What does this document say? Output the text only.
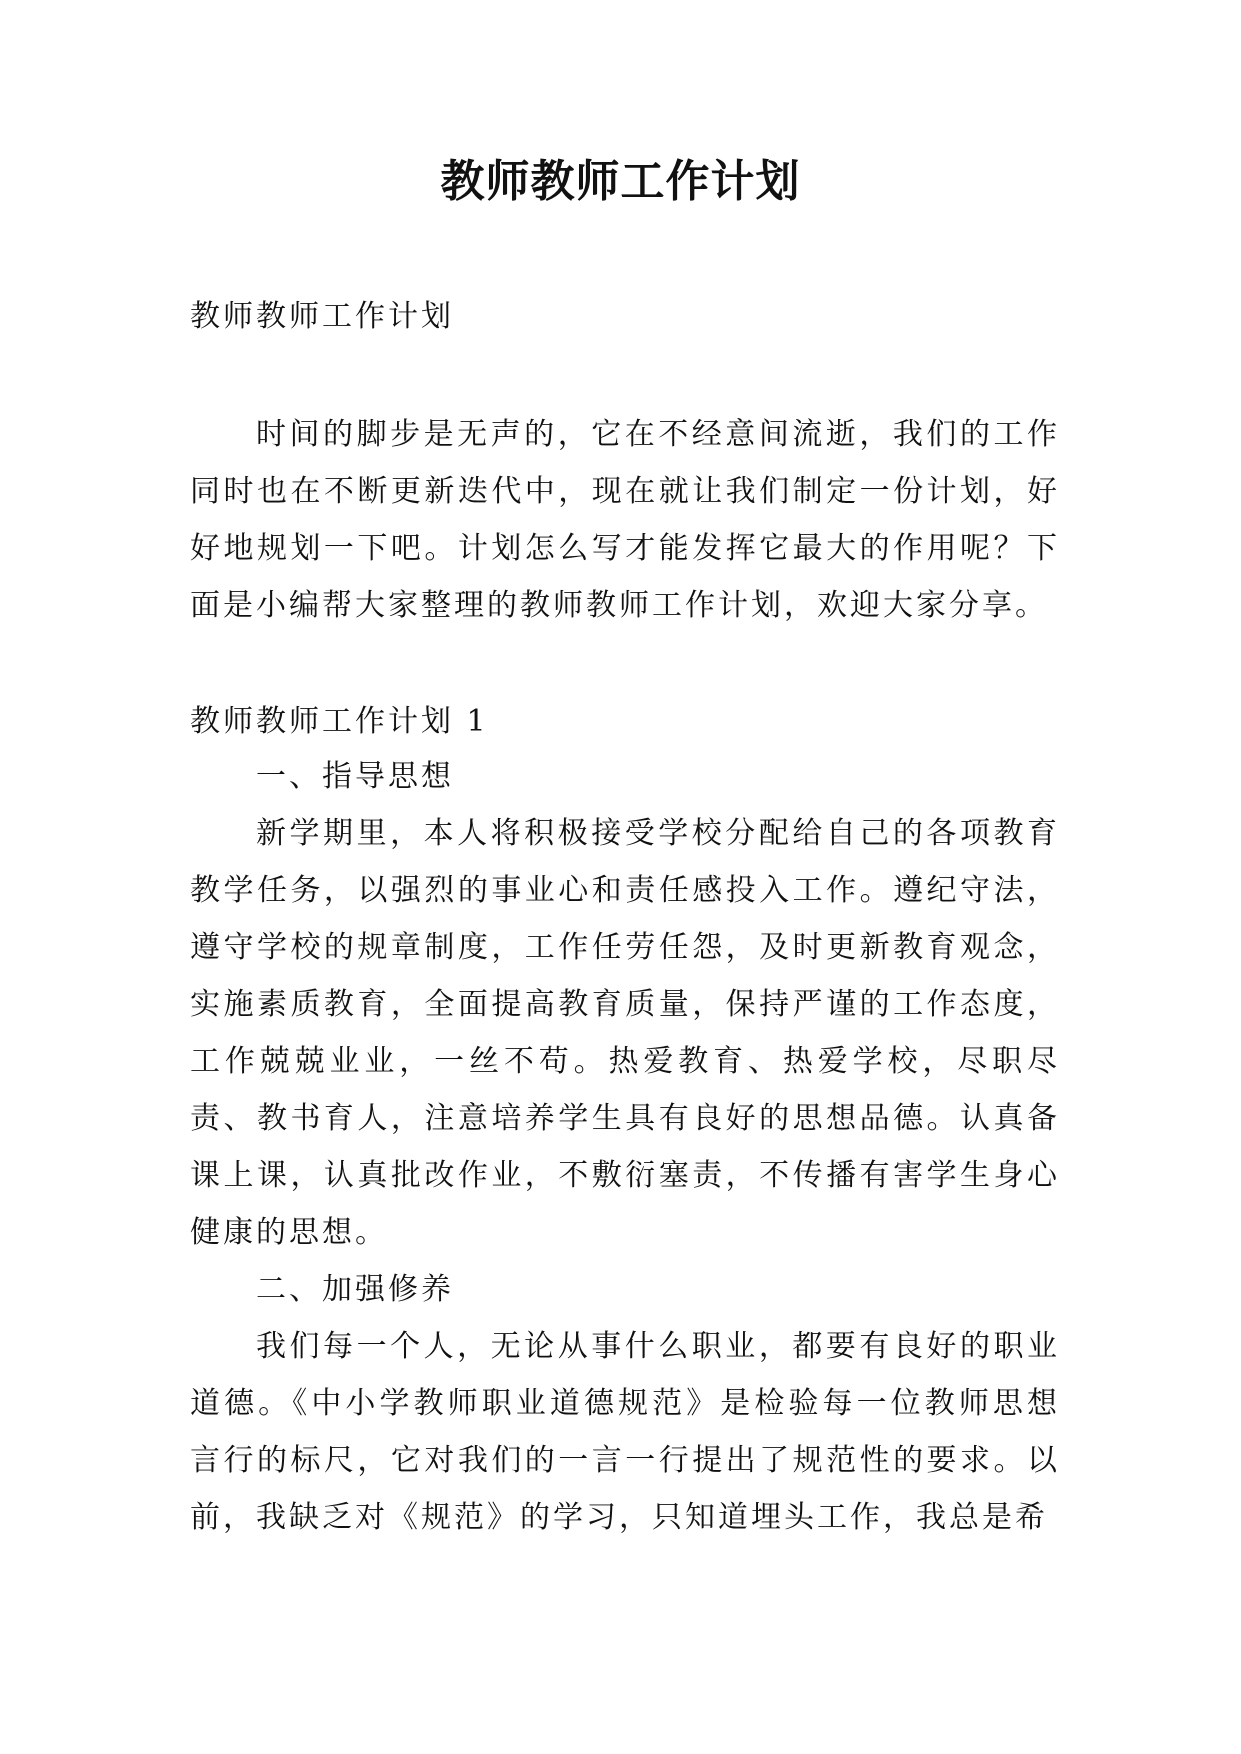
教师教师工作计划
教师教师工作计划

时间的脚步是无声的，它在不经意间流逝，我们的工作同时也在不断更新迭代中，现在就让我们制定一份计划，好好地规划一下吧。计划怎么写才能发挥它最大的作用呢？下面是小编帮大家整理的教师教师工作计划，欢迎大家分享。

教师教师工作计划 1

一、指导思想

新学期里，本人将积极接受学校分配给自己的各项教育教学任务，以强烈的事业心和责任感投入工作。遵纪守法，遵守学校的规章制度，工作任劳任怨，及时更新教育观念，实施素质教育，全面提高教育质量，保持严谨的工作态度，工作兢兢业业，一丝不苟。热爱教育、热爱学校，尽职尽责、教书育人，注意培养学生具有良好的思想品德。认真备课上课，认真批改作业，不敷衍塞责，不传播有害学生身心健康的思想。

二、加强修养

我们每一个人，无论从事什么职业，都要有良好的职业道德。《中小学教师职业道德规范》是检验每一位教师思想言行的标尺，它对我们的一言一行提出了规范性的要求。以前，我缺乏对《规范》的学习，只知道埋头工作，我总是希
